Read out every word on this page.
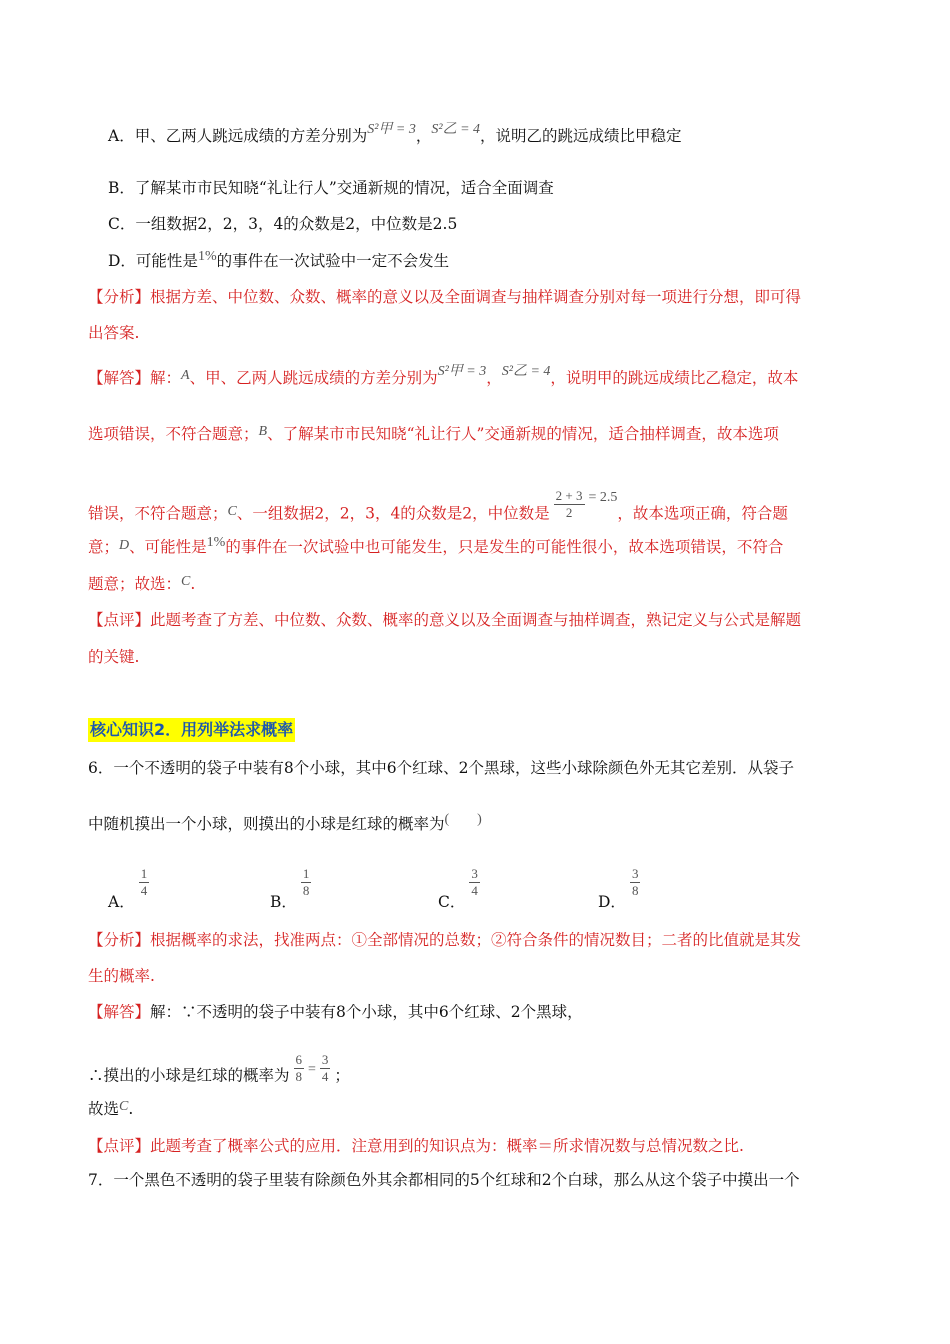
A．甲、乙两人跳远成绩的方差分别为S²甲 = 3，S²乙 = 4，说明乙的跳远成绩比甲稳定
B．了解某市市民知晓“礼让行人”交通新规的情况，适合全面调查
C．一组数据2，2，3，4的众数是2，中位数是2.5
D．可能性是1%的事件在一次试验中一定不会发生
【分析】根据方差、中位数、众数、概率的意义以及全面调查与抽样调查分别对每一项进行分想，即可得
出答案.
【解答】解：A、甲、乙两人跳远成绩的方差分别为S²甲 = 3，S²乙 = 4，说明甲的跳远成绩比乙稳定，故本
选项错误，不符合题意；B、了解某市市民知晓“礼让行人”交通新规的情况，适合抽样调查，故本选项
错误，不符合题意；C、一组数据2，2，3，4的众数是2，中位数是 $\frac{2 + 3}{2} = 2.5$，故本选项正确，符合题
意；D、可能性是1%的事件在一次试验中也可能发生，只是发生的可能性很小，故本选项错误，不符合
题意；故选：C.
【点评】此题考查了方差、中位数、众数、概率的意义以及全面调查与抽样调查，熟记定义与公式是解题
的关键.
核心知识2．用列举法求概率
6．一个不透明的袋子中装有8个小球，其中6个红球、2个黑球，这些小球除颜色外无其它差别．从袋子
中随机摸出一个小球，则摸出的小球是红球的概率为(　　)
A．
$\frac{1}{4}$
B．
$\frac{1}{8}$
C．
$\frac{3}{4}$
D．
$\frac{3}{8}$
【分析】根据概率的求法，找准两点：①全部情况的总数；②符合条件的情况数目；二者的比值就是其发
生的概率.
【解答】解：∵不透明的袋子中装有8个小球，其中6个红球、2个黑球，
∴摸出的小球是红球的概率为 $\frac{6}{8} = \frac{3}{4}$ ；
故选C.
【点评】此题考查了概率公式的应用．注意用到的知识点为：概率＝所求情况数与总情况数之比.
7．一个黑色不透明的袋子里装有除颜色外其余都相同的5个红球和2个白球，那么从这个袋子中摸出一个
